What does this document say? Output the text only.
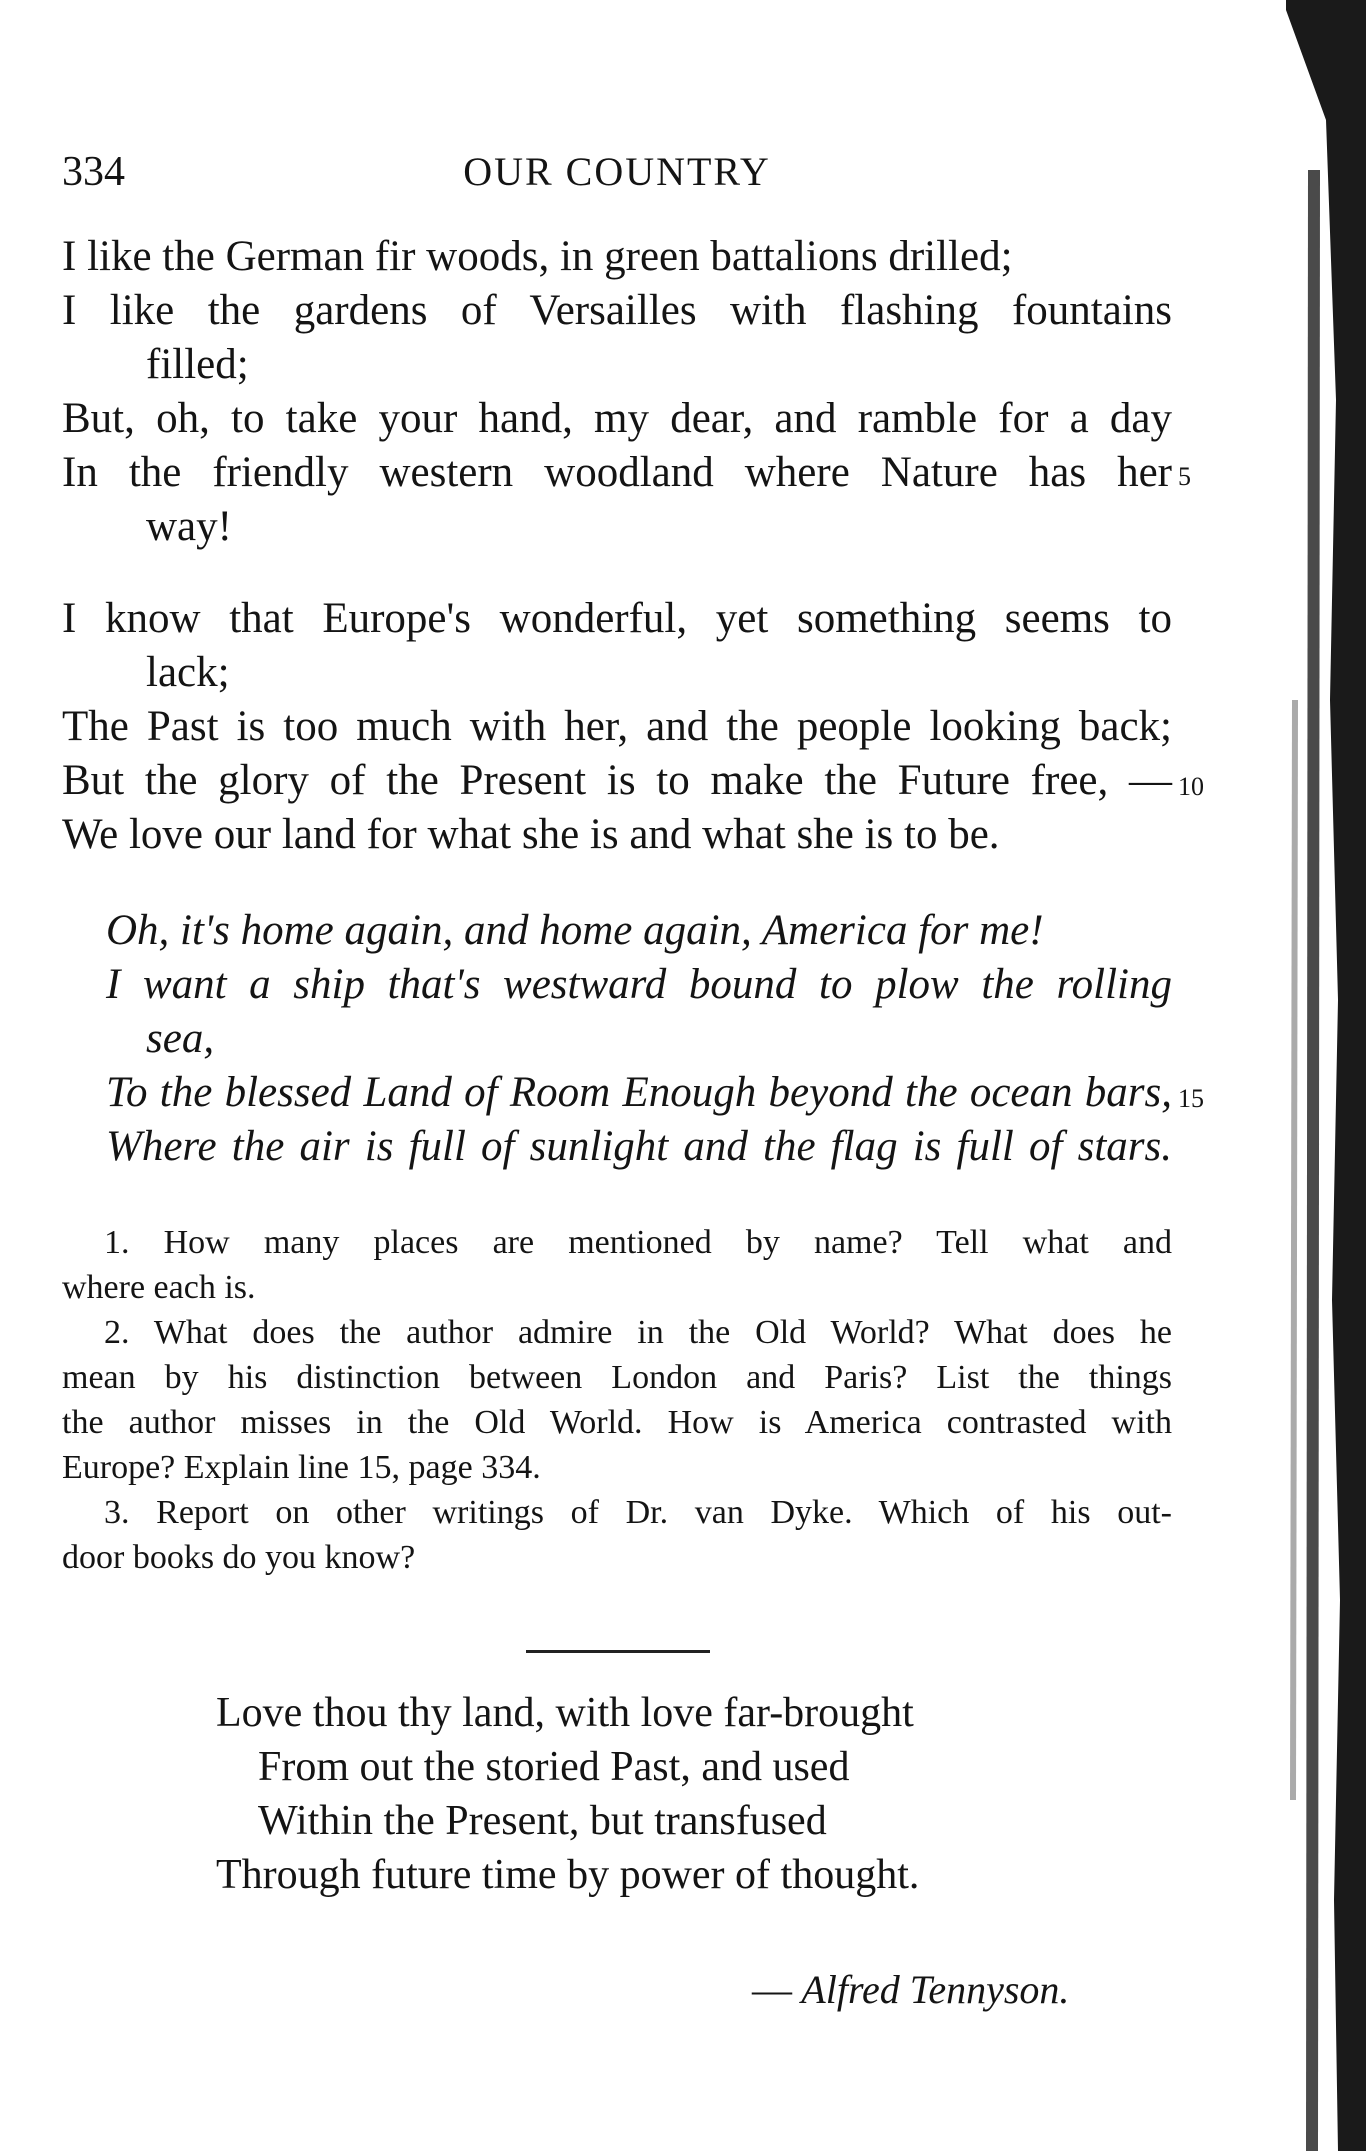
334	OUR COUNTRY
I like the German fir woods, in green battalions drilled;
I like the gardens of Versailles with flashing fountains
filled;
But, oh, to take your hand, my dear, and ramble for a day
In the friendly western woodland where Nature has her 5
way!
I know that Europe's wonderful, yet something seems to
lack;
The Past is too much with her, and the people looking back;
But the glory of the Present is to make the Future free, — 10
We love our land for what she is and what she is to be.
Oh, it's home again, and home again, America for me!
I want a ship that's westward bound to plow the rolling
sea,
To the blessed Land of Room Enough beyond the ocean bars, 15
Where the air is full of sunlight and the flag is full of stars.
1. How many places are mentioned by name? Tell what and
where each is.
2. What does the author admire in the Old World? What does he
mean by his distinction between London and Paris? List the things
the author misses in the Old World. How is America contrasted with
Europe? Explain line 15, page 334.
3. Report on other writings of Dr. van Dyke. Which of his out-
door books do you know?
Love thou thy land, with love far-brought
From out the storied Past, and used
Within the Present, but transfused
Through future time by power of thought.
— Alfred Tennyson.
